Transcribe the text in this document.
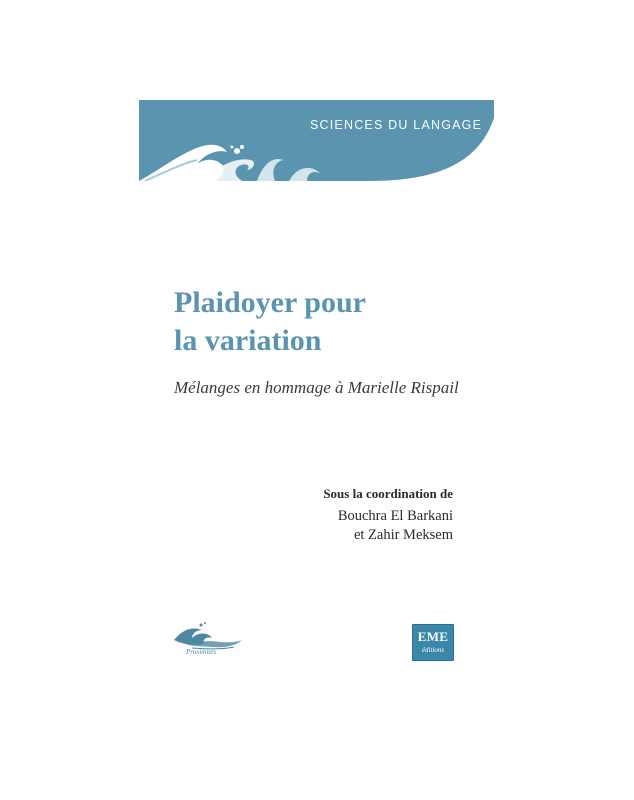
SCIENCES DU LANGAGE
Plaidoyer pour
la variation
Mélanges en hommage à Marielle Rispail
Sous la coordination de
Bouchra El Barkani
et Zahir Meksem
Proximités
EME
éditions
